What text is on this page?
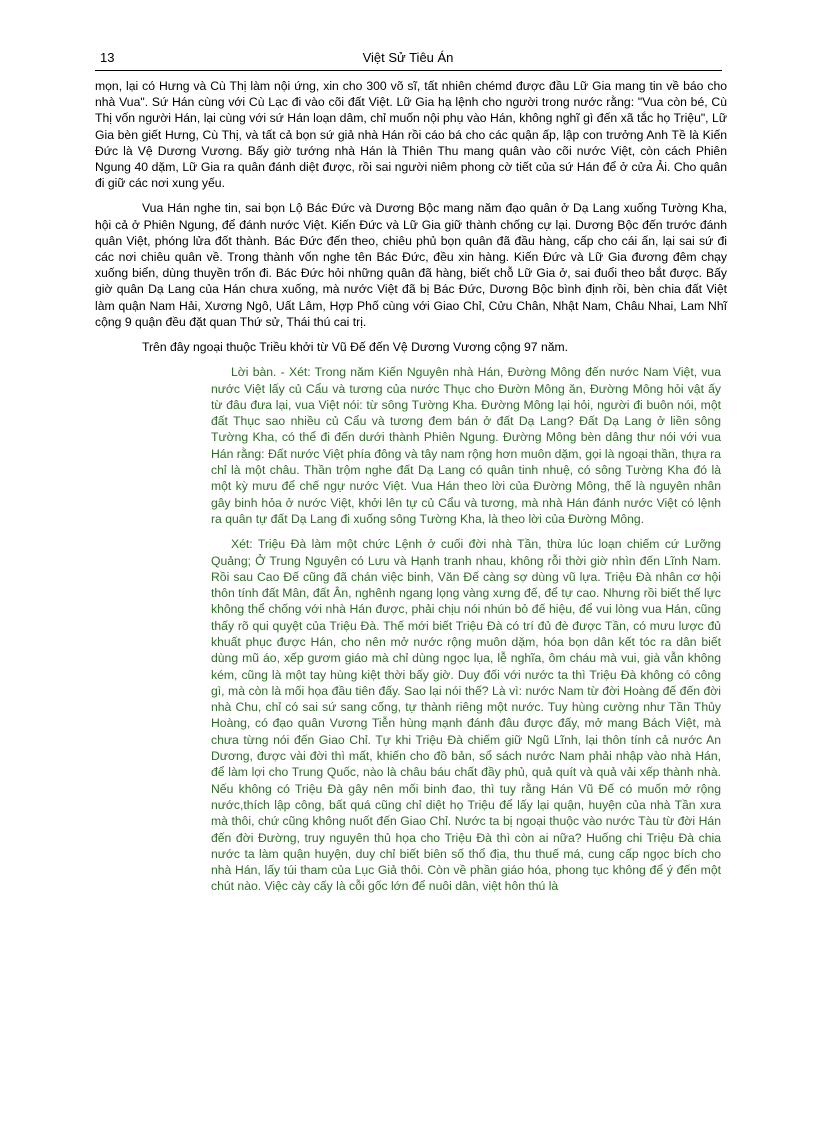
13	Việt Sử Tiêu Án

mọn, lại có Hưng và Cù Thị làm nội ứng, xin cho 300 võ sĩ, tất nhiên chémd được đầu Lữ Gia mang tin về báo cho nhà Vua". Sứ Hán cùng với Cù Lạc đi vào cõi đất Việt. Lữ Gia hạ lệnh cho người trong nước rằng: "Vua còn bé, Cù Thị vốn người Hán, lại cùng với sứ Hán loạn dâm, chỉ muốn nội phụ vào Hán, không nghĩ gì đến xã tắc họ Triệu", Lữ Gia bèn giết Hưng, Cù Thị, và tất cả bọn sứ giả nhà Hán rồi cáo bá cho các quận ấp, lập con trưởng Anh Tề là Kiến Đức là Vệ Dương Vương. Bấy giờ tướng nhà Hán là Thiên Thu mang quân vào cõi nước Việt, còn cách Phiên Ngung 40 dặm, Lữ Gia ra quân đánh diệt được, rồi sai người niêm phong cờ tiết của sứ Hán để ở cửa Ải. Cho quân đi giữ các nơi xung yếu.

Vua Hán nghe tin, sai bọn Lộ Bác Đức và Dương Bộc mang năm đạo quân ở Dạ Lang xuống Tường Kha, hội cả ở Phiên Ngung, để đánh nước Việt. Kiến Đức và Lữ Gia giữ thành chống cự lại. Dương Bộc đến trước đánh quân Việt, phóng lửa đốt thành. Bác Đức đến theo, chiêu phủ bọn quân đã đầu hàng, cấp cho cái ấn, lại sai sứ đi các nơi chiêu quân về. Trong thành vốn nghe tên Bác Đức, đều xin hàng. Kiến Đức và Lữ Gia đương đêm chạy xuống biển, dùng thuyền trốn đi. Bác Đức hỏi những quân đã hàng, biết chỗ Lữ Gia ở, sai đuổi theo bắt được. Bấy giờ quân Dạ Lang của Hán chưa xuống, mà nước Việt đã bị Bác Đức, Dương Bộc bình định rồi, bèn chia đất Việt làm quận Nam Hải, Xương Ngô, Uất Lâm, Hợp Phố cùng với Giao Chỉ, Cửu Chân, Nhật Nam, Châu Nhai, Lam Nhĩ cộng 9 quận đều đặt quan Thứ sử, Thái thú cai trị.

Trên đây ngoại thuộc Triều khởi từ Vũ Đế đến Vệ Dương Vương cộng 97 năm.

Lời bàn. - Xét: Trong năm Kiến Nguyên nhà Hán, Đường Mông đến nước Nam Việt, vua nước Việt lấy củ Cẩu và tương của nước Thục cho Đườn Mông ăn, Đường Mông hỏi vật ấy từ đâu đưa lại, vua Việt nói: từ sông Tường Kha. Đường Mông lại hỏi, người đi buôn nói, một đất Thục sao nhiều củ Cẩu và tương đem bán ở đất Dạ Lang? Đất Dạ Lang ở liền sông Tường Kha, có thể đi đến dưới thành Phiên Ngung. Đường Mông bèn dâng thư nói với vua Hán rằng: Đất nước Việt phía đông và tây nam rộng hơn muôn dặm, gọi là ngoại thần, thựa ra chỉ là một châu. Thần trộm nghe đất Dạ Lang có quân tinh nhuệ, có sông Tường Kha đó là một kỳ mưu để chế ngự nước Việt. Vua Hán theo lời của Đường Mông, thế là nguyên nhân gây binh hỏa ở nước Việt, khởi lên tự củ Cẩu và tương, mà nhà Hán đánh nước Việt có lệnh ra quân tự đất Dạ Lang đi xuống sông Tường Kha, là theo lời của Đường Mông.

Xét: Triệu Đà làm một chức Lệnh ở cuối đời nhà Tần, thừa lúc loạn chiếm cứ Lưỡng Quảng; Ở Trung Nguyên có Lưu và Hạnh tranh nhau, không rỗi thời giờ nhìn đến Lĩnh Nam. Rồi sau Cao Đế cũng đã chán việc binh, Văn Đế càng sợ dùng vũ lựa. Triệu Đà nhân cơ hội thôn tính đất Mân, đất Ân, nghênh ngang lọng vàng xưng đế, để tự cao. Nhưng rồi biết thế lực không thể chống với nhà Hán được, phải chịu nói nhún bỏ đế hiệu, để vui lòng vua Hán, cũng thấy rõ qui quyệt của Triệu Đà. Thế mới biết Triệu Đà có trí đủ đè được Tần, có mưu lược đủ khuất phục được Hán, cho nên mở nước rộng muôn dặm, hóa bọn dân kết tóc ra dân biết dùng mũ áo, xếp gươm giáo mà chỉ dùng ngọc lụa, lễ nghĩa, ôm cháu mà vui, già vẫn không kém, cũng là một tay hùng kiệt thời bấy giờ. Duy đối với nước ta thì Triệu Đà không có công gì, mà còn là mối họa đầu tiên đấy. Sao lại nói thế? Là vì: nước Nam từ đời Hoàng đế đến đời nhà Chu, chỉ có sai sứ sang cống, tự thành riêng một nước. Tuy hùng cường như Tần Thủy Hoàng, có đạo quân Vương Tiễn hùng mạnh đánh đâu được đấy, mở mang Bách Việt, mà chưa từng nói đến Giao Chỉ. Tự khi Triệu Đà chiếm giữ Ngũ Lĩnh, lại thôn tính cả nước An Dương, được vài đời thì mất, khiến cho đồ bản, sổ sách nước Nam phải nhập vào nhà Hán, để làm lợi cho Trung Quốc, nào là châu báu chất đầy phủ, quả quít và quả vải xếp thành nhà. Nếu không có Triệu Đà gây nên mối binh đao, thì tuy rằng Hán Vũ Đế có muốn mở rộng nước,thích lập công, bất quá cũng chỉ diệt họ Triệu để lấy lại quận, huyện của nhà Tần xưa mà thôi, chứ cũng không nuốt đến Giao Chỉ. Nước ta bị ngoại thuộc vào nước Tàu từ đời Hán đến đời Đường, truy nguyên thủ họa cho Triệu Đà thì còn ai nữa? Huống chi Triệu Đà chia nước ta làm quận huyện, duy chỉ biết biên số thổ địa, thu thuế má, cung cấp ngọc bích cho nhà Hán, lấy túi tham của Lục Giả thôi. Còn về phần giáo hóa, phong tục không để ý đến một chút nào. Việc cày cấy là cỗi gốc lớn để nuôi dân, việt hôn thú là
